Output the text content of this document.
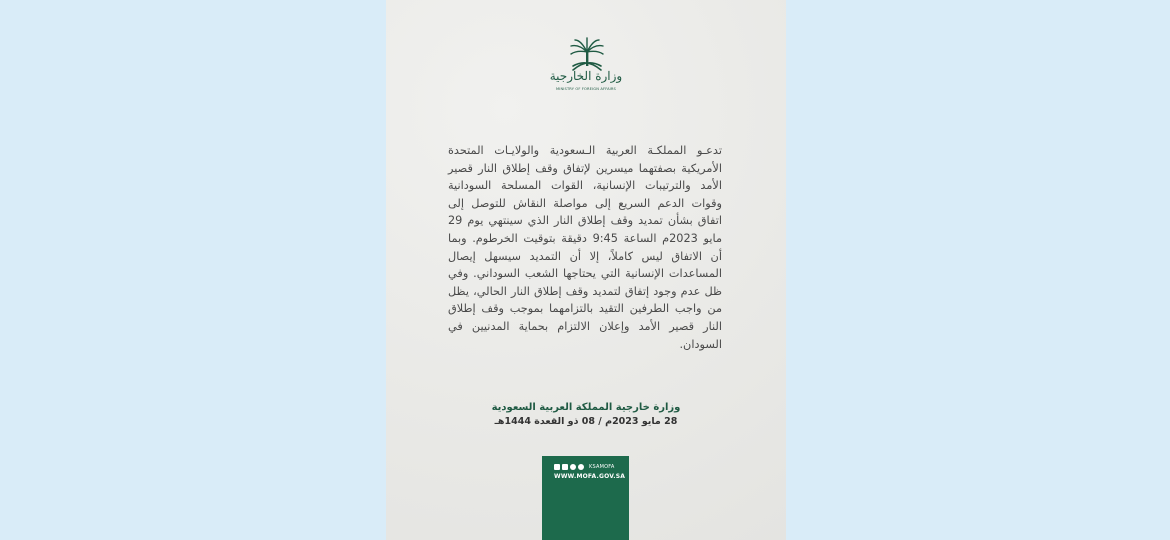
وزارة الخارجية
MINISTRY OF FOREIGN AFFAIRS

تدعـو المملكـة العربية الـسعودية والولايـات المتحدة الأمريكية بصفتهما ميسرين لإتفاق وقف إطلاق النار قصير الأمد والترتيبات الإنسانية، القوات المسلحة السودانية وقوات الدعم السريع إلى مواصلة النقاش للتوصل إلى اتفاق بشأن تمديد وقف إطلاق النار الذي سينتهي يوم 29 مايو 2023م الساعة 9:45 دقيقة بتوقيت الخرطوم. وبما أن الاتفاق ليس كاملاً، إلا أن التمديد سيسهل إيصال المساعدات الإنسانية التي يحتاجها الشعب السوداني. وفي ظل عدم وجود إتفاق لتمديد وقف إطلاق النار الحالي، يظل من واجب الطرفين التقيد بالتزامهما بموجب وقف إطلاق النار قصير الأمد وإعلان الالتزام بحماية المدنيين في السودان.

وزارة خارجية المملكة العربية السعودية
28 مايو 2023م / 08 ذو القعدة 1444هـ
KSAMOFA
WWW.MOFA.GOV.SA
